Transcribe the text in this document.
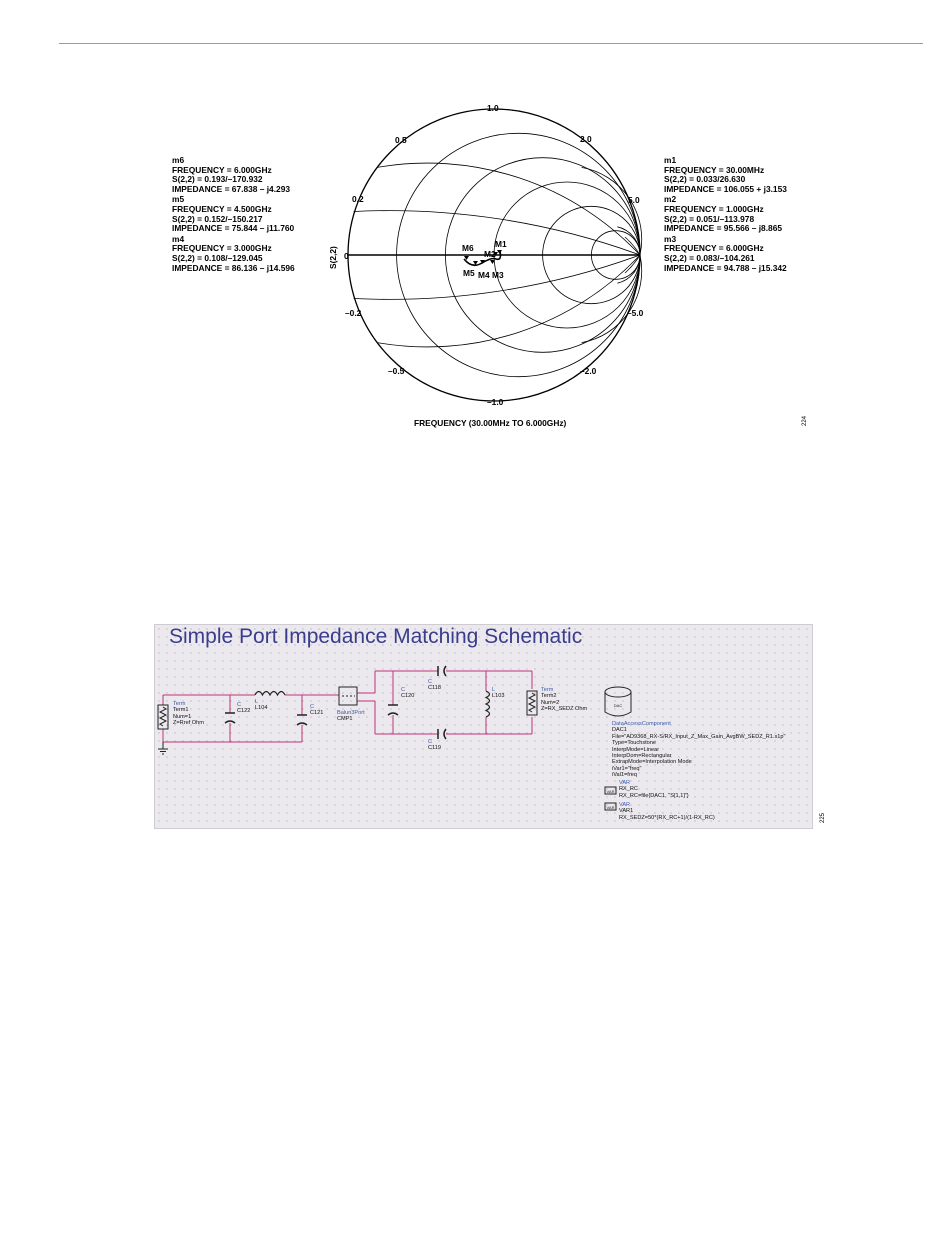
m6
FREQUENCY = 6.000GHz
S(2,2) = 0.193/–170.932
IMPEDANCE = 67.838 – j4.293
m5
FREQUENCY = 4.500GHz
S(2,2) = 0.152/–150.217
IMPEDANCE = 75.844 – j11.760
m4
FREQUENCY = 3.000GHz
S(2,2) = 0.108/–129.045
IMPEDANCE = 86.136 – j14.596
m1
FREQUENCY = 30.00MHz
S(2,2) = 0.033/26.630
IMPEDANCE = 106.055 + j3.153
m2
FREQUENCY = 1.000GHz
S(2,2) = 0.051/–113.978
IMPEDANCE = 95.566 – j8.865
m3
FREQUENCY = 6.000GHz
S(2,2) = 0.083/–104.261
IMPEDANCE = 94.788 – j15.342
M1
M2
M3
M4
M5
M6
1.0
0.5	2.0
0.2	5.0
0
–0.2	–5.0
–0.5	–2.0
–1.0
S(2,2)
FREQUENCY (30.00MHz TO 6.000GHz)	224
Simple Port Impedance Matching Schematic
DAC
VAR
VAR
Term
Term1
Num=1
Z=Rref Ohm
C
C122
L
L104	C
C121 Balun3Port
CMP1
C
C118
C
C120
C
C119
L
L103
Term
Term2
Num=2
Z=RX_SEDZ Ohm
DataAccessComponent
DAC1
File="AD9368_RX-S/RX_Input_Z_Max_Gain_AvgBW_SEDZ_R1.s1p"
Type=Touchstone
InterpMode=Linear
InterpDom=Rectangular
ExtrapMode=Interpolation Mode
iVar1="freq"
iVal1=freq
VAR
RX_RC
RX_RC=file{DAC1, "S[1,1]"}
VAR
VAR1
RX_SEDZ=50*(RX_RC+1)/(1-RX_RC)	225
